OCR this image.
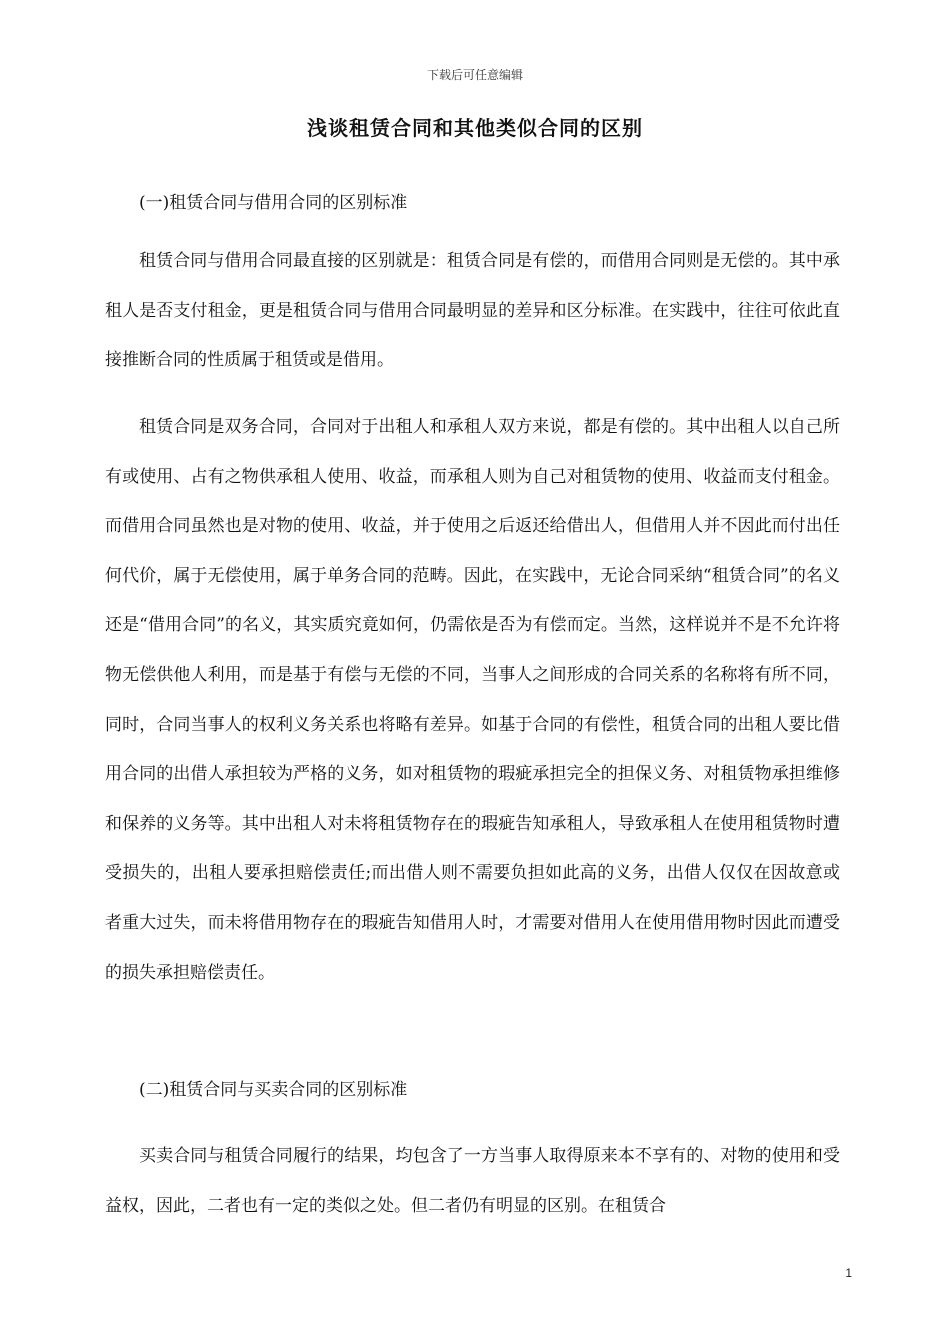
下载后可任意编辑
浅谈租赁合同和其他类似合同的区别

(一)租赁合同与借用合同的区别标准

租赁合同与借用合同最直接的区别就是：租赁合同是有偿的，而借用合同则是无偿的。其中承租人是否支付租金，更是租赁合同与借用合同最明显的差异和区分标准。在实践中，往往可依此直接推断合同的性质属于租赁或是借用。

租赁合同是双务合同，合同对于出租人和承租人双方来说，都是有偿的。其中出租人以自己所有或使用、占有之物供承租人使用、收益，而承租人则为自己对租赁物的使用、收益而支付租金。而借用合同虽然也是对物的使用、收益，并于使用之后返还给借出人，但借用人并不因此而付出任何代价，属于无偿使用，属于单务合同的范畴。因此，在实践中，无论合同采纳“租赁合同”的名义还是“借用合同”的名义，其实质究竟如何，仍需依是否为有偿而定。当然，这样说并不是不允许将物无偿供他人利用，而是基于有偿与无偿的不同，当事人之间形成的合同关系的名称将有所不同，同时，合同当事人的权利义务关系也将略有差异。如基于合同的有偿性，租赁合同的出租人要比借用合同的出借人承担较为严格的义务，如对租赁物的瑕疵承担完全的担保义务、对租赁物承担维修和保养的义务等。其中出租人对未将租赁物存在的瑕疵告知承租人，导致承租人在使用租赁物时遭受损失的，出租人要承担赔偿责任;而出借人则不需要负担如此高的义务，出借人仅仅在因故意或者重大过失，而未将借用物存在的瑕疵告知借用人时，才需要对借用人在使用借用物时因此而遭受的损失承担赔偿责任。

(二)租赁合同与买卖合同的区别标准

买卖合同与租赁合同履行的结果，均包含了一方当事人取得原来本不享有的、对物的使用和受益权，因此，二者也有一定的类似之处。但二者仍有明显的区别。在租赁合

1
